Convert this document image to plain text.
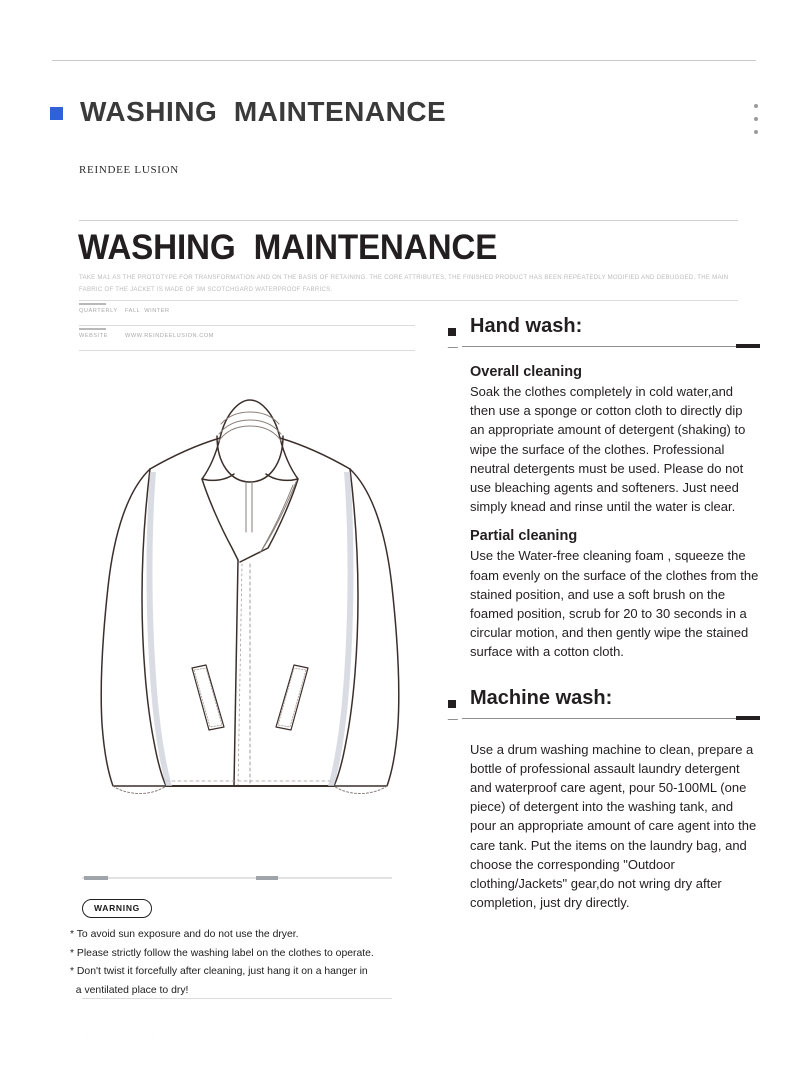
WASHING  MAINTENANCE
REINDEE LUSION
WASHING  MAINTENANCE
TAKE MA1 AS THE PROTOTYPE FOR TRANSFORMATION AND ON THE BASIS OF RETAINING. THE CORE ATTRIBUTES, THE FINISHED PRODUCT HAS BEEN REPEATEDLY MODIFIED AND DEBUGGED. THE MAIN FABRIC OF THE JACKET IS MADE OF 3M SCOTCHGARD WATERPROOF FABRICS.
QUARTERLY FALL  WINTER
WEBSITE	WWW.REINDEELUSION.COM
WARNING
* To avoid sun exposure and do not use the dryer.
* Please strictly follow the washing label on the clothes to operate.
* Don't twist it forcefully after cleaning, just hang it on a hanger in
a ventilated place to dry!
REINDEE LUSION
Hand wash:
Overall cleaning
Soak the clothes completely in cold water,and then use a sponge or cotton cloth to directly dip an appropriate amount of detergent (shaking) to wipe the surface of the clothes. Professional neutral detergents must be used. Please do not use bleaching agents and softeners. Just need simply knead and rinse until the water is clear.
Partial cleaning
Use the Water-free cleaning foam , squeeze the foam evenly on the surface of the clothes from the stained position, and use a soft brush on the foamed position, scrub for 20 to 30 seconds in a circular motion, and then gently wipe the stained surface with a cotton cloth.
Machine wash:
Use a drum washing machine to clean, prepare a bottle of professional assault laundry detergent and waterproof care agent, pour 50-100ML (one piece) of detergent into the washing tank, and pour an appropriate amount of care agent into the care tank. Put the items on the laundry bag, and choose the corresponding "Outdoor clothing/Jackets" gear,do not wring dry after completion, just dry directly.
